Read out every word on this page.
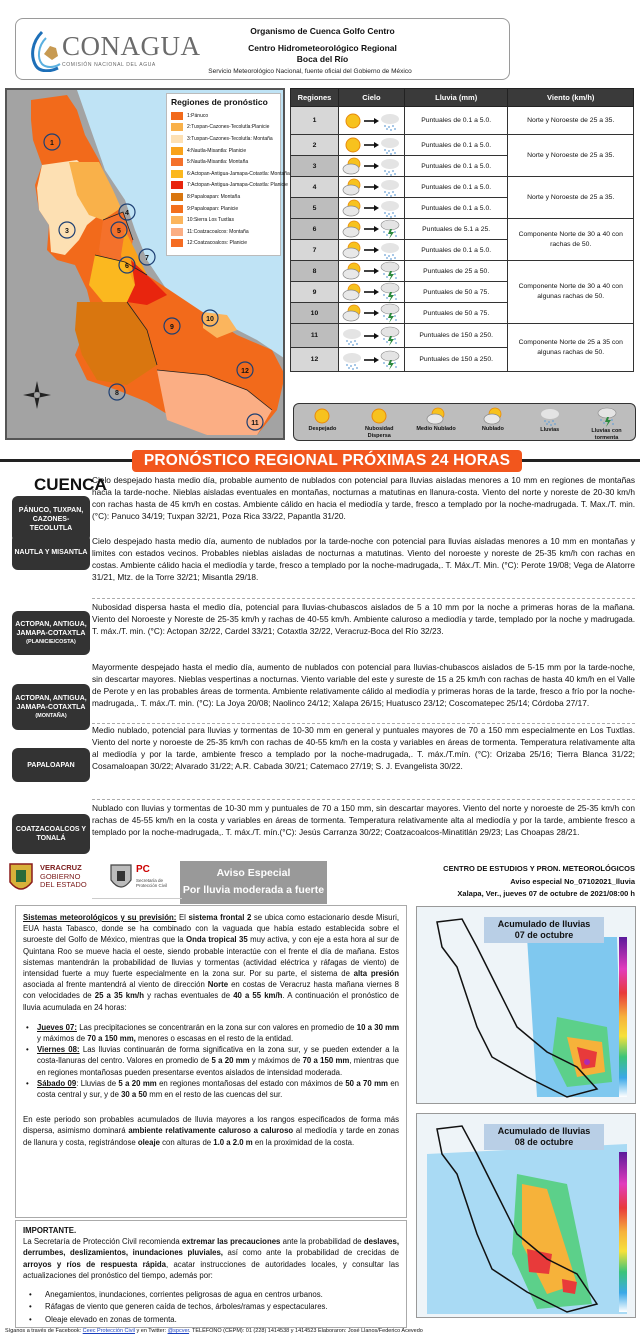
CONAGUA
COMISIÓN NACIONAL DEL AGUA
Organismo de Cuenca Golfo Centro
Centro Hidrometeorológico Regional
Boca del Río
Servicio Meteorológico Nacional, fuente oficial del Gobierno de México
1
3
4
5
6
7
8
9
10
11
12
Regiones de pronóstico
1:Pánuco
2:Tuxpan-Cazones-Tecolutla:Planicie
3:Tuxpan-Cazones-Tecolutla: Montaña
4:Nautla-Misantla: Planicie
5:Nautla-Misantla: Montaña
6:Actopan-Antigua-Jamapa-Cotaxtla: Montaña
7:Actopan-Antigua-Jamapa-Cotaxtla: Planicie
8:Papaloapan: Montaña
9:Papaloapan: Planicie
10:Sierra Los Tuxtlas
11:Coatzacoalcos: Montaña
12:Coatzacoalcos: Planicie
Regiones	Cielo	Lluvia (mm)	Viento (km/h)
1		Puntuales de 0.1 a 5.0.	Norte y Noroeste de 25 a 35.
2		Puntuales de 0.1 a 5.0.	Norte y Noroeste de 25 a 35.
3		Puntuales de 0.1 a 5.0.	
4		Puntuales de 0.1 a 5.0.	Norte y Noroeste de 25 a 35.
5		Puntuales de 0.1 a 5.0.	
6		Puntuales de 5.1 a 25.	Componente Norte de 30 a 40 con rachas de 50.
7		Puntuales de 0.1 a 5.0.	
8		Puntuales de 25 a 50.	Componente Norte de 30 a 40 con algunas rachas de 50.
9		Puntuales de 50 a 75.	
10		Puntuales de 50 a 75.	
11		Puntuales de 150 a 250.	Componente Norte de 25 a 35 con algunas rachas de 50.
12		Puntuales de 150 a 250.	
Despejado	Nubosidad Dispersa
Medio Nublado	Nublado	Lluvias	Lluvias con tormenta
PRONÓSTICO REGIONAL PRÓXIMAS 24 HORAS
CUENCA
PÁNUCO, TUXPAN, CAZONES-TECOLUTLA
Cielo despejado hasta medio día, probable aumento de nublados con potencial para lluvias aisladas menores a 10 mm en regiones de montañas hacia la tarde-noche. Nieblas aisladas eventuales en montañas, nocturnas a matutinas en llanura-costa. Viento del norte y noreste de 20-30 km/h con rachas hasta de 45 km/h en costas. Ambiente cálido en hacia el mediodía y tarde, fresco a templado por la noche-madrugada. T. Max./T. min. (°C): Panuco 34/19; Tuxpan 32/21, Poza Rica 33/22, Papantla 31/20.
NAUTLA Y MISANTLA
Cielo despejado hasta medio día, aumento de nublados por la tarde-noche con potencial para lluvias aisladas menores a 10 mm en montañas y limites con estados vecinos. Probables nieblas aisladas de nocturnas a matutinas. Viento del noroeste y noreste de 25-35 km/h con rachas en costas. Ambiente cálido hacia el mediodía y tarde, fresco a templado por la noche-madrugada,. T. Máx./T. Min. (°C): Perote 19/08; Vega de Alatorre 31/21, Mtz. de la Torre 32/21; Misantla 29/18.
ACTOPAN, ANTIGUA, JAMAPA-COTAXTLA
(PLANICIE/COSTA)
Nubosidad dispersa hasta el medio día, potencial para lluvias-chubascos aislados de 5 a 10 mm por la noche a primeras horas de la mañana. Viento del Noroeste y Noreste de 25-35 km/h y rachas de 40-55 km/h. Ambiente caluroso a mediodía y tarde, templado por la noche y madrugada. T. máx./T. min. (°C): Actopan 32/22, Cardel 33/21; Cotaxtla 32/22, Veracruz-Boca del Río 32/23.
ACTOPAN, ANTIGUA, JAMAPA-COTAXTLA
(MONTAÑA)
Mayormente despejado hasta el medio día, aumento de nublados con potencial para lluvias-chubascos aislados de 5-15 mm por la tarde-noche, sin descartar mayores. Nieblas vespertinas a nocturnas. Viento variable del este y sureste de 15 a 25 km/h con rachas de hasta 40 km/h en el Valle de Perote y en las probables áreas de tormenta. Ambiente relativamente cálido al mediodía y primeras horas de la tarde, fresco a frío por la noche-madrugada,. T. máx./T. min. (°C): La Joya 20/08; Naolinco 24/12; Xalapa 26/15; Huatusco 23/12; Coscomatepec 25/14; Córdoba 27/17.
PAPALOAPAN
Medio nublado, potencial para lluvias y tormentas de 10-30 mm en general y puntuales mayores de 70 a 150 mm especialmente en Los Tuxtlas. Viento del norte y noroeste de 25-35 km/h con rachas de 40-55 km/h en la costa y variables en áreas de tormenta. Temperatura relativamente alta al mediodía y por la tarde, ambiente fresco a templado por la noche-madrugada,. T. máx./T.mín. (°C): Orizaba 25/16; Tierra Blanca 31/22; Cosamaloapan 30/22; Alvarado 31/22; A.R. Cabada 30/21; Catemaco 27/19; S. J. Evangelista 30/22.
COATZACOALCOS Y TONALÁ
Nublado con lluvias y tormentas de 10-30 mm y puntuales de 70 a 150 mm, sin descartar mayores. Viento del norte y noroeste de 25-35 km/h con rachas de 45-55 km/h en la costa y variables en áreas de tormenta. Temperatura relativamente alta al mediodía y por la tarde, ambiente fresco a templado por la noche-madrugada,. T. máx./T. mín.(°C): Jesús Carranza 30/22; Coatzacoalcos-Minatitlán 29/23; Las Choapas 28/21.
VERACRUZ
GOBIERNO
DEL ESTADO
PC
Secretaría de
Protección Civil
Aviso Especial
Por lluvia moderada a fuerte
CENTRO DE ESTUDIOS Y PRON. METEOROLÓGICOS
Aviso especial No_07102021_lluvia
Xalapa, Ver., jueves 07 de octubre de 2021/08:00 h

Sistemas meteorológicos y su previsión: El sistema frontal 2 se ubica como estacionario desde Misuri, EUA hasta Tabasco, donde se ha combinado con la vaguada que había estado establecida sobre el suroeste del Golfo de México, mientras que la Onda tropical 35 muy activa, y con eje a esta hora al sur de Quintana Roo se mueve hacia el oeste, siendo probable interactúe con el frente el día de mañana. Estos sistemas mantendrán la probabilidad de lluvias y tormentas (actividad eléctrica y ráfagas de viento) de intensidad fuerte a muy fuerte especialmente en la zona sur. Por su parte, el sistema de alta presión asociada al frente mantendrá al viento de dirección Norte en costas de Veracruz hasta mañana viernes 8 con velocidades de 25 a 35 km/h y rachas eventuales de 40 a 55 km/h. A continuación el pronóstico de lluvia acumulada en 24 horas:

• Jueves 07: Las precipitaciones se concentrarán en la zona sur con valores en promedio de 10 a 30 mm y máximos de 70 a 150 mm, menores o escasas en el resto de la entidad.
• Viernes 08: Las lluvias continuarán de forma significativa en la zona sur, y se pueden extender a la costa-llanuras del centro. Valores en promedio de 5 a 20 mm y máximos de 70 a 150 mm, mientras que en regiones montañosas pueden presentarse eventos aislados de intensidad moderada.
• Sábado 09: Lluvias de 5 a 20 mm en regiones montañosas del estado con máximos de 50 a 70 mm en costa central y sur, y de 30 a 50 mm en el resto de las cuencas del sur.

En este periodo son probables acumulados de lluvia mayores a los rangos especificados de forma más dispersa, asimismo dominará ambiente relativamente caluroso a caluroso al mediodía y tarde en zonas de llanura y costa, registrándose oleaje con alturas de 1.0 a 2.0 m en la proximidad de la costa.

IMPORTANTE.

La Secretaría de Protección Civil recomienda extremar las precauciones ante la probabilidad de deslaves, derrumbes, deslizamientos, inundaciones pluviales, así como ante la probabilidad de crecidas de arroyos y ríos de respuesta rápida, acatar instrucciones de autoridades locales, y consultar las actualizaciones del pronóstico del tiempo, además por:

• Anegamientos, inundaciones, corrientes peligrosas de agua en centros urbanos.
• Ráfagas de viento que generen caída de techos, árboles/ramas y espectaculares.
• Oleaje elevado en zonas de tormenta.
Acumulado de lluvias
07 de octubre
Acumulado de lluvias
08 de octubre
Síganos a través de Facebook: Ceec Protección Civil y en Twitter: @spcver. TELÉFONO (CEPM): 01 (228) 1414538 y 1414523 Elaboraron: José Llanos/Federico Acevedo
